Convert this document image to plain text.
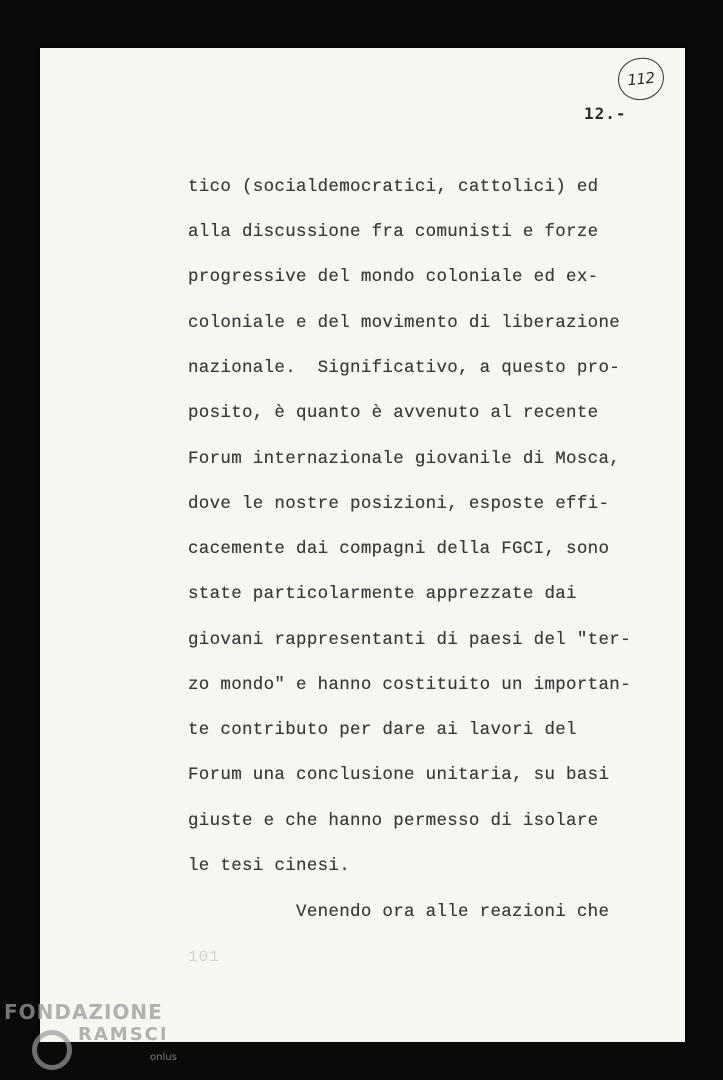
112
12.-

tico (socialdemocratici, cattolici) ed

alla discussione fra comunisti e forze

progressive del mondo coloniale ed ex-

coloniale e del movimento di liberazione

nazionale.  Significativo, a questo pro-

posito, è quanto è avvenuto al recente

Forum internazionale giovanile di Mosca,

dove le nostre posizioni, esposte effi-

cacemente dai compagni della FGCI, sono

state particolarmente apprezzate dai

giovani rappresentanti di paesi del "ter-

zo mondo" e hanno costituito un importan-

te contributo per dare ai lavori del

Forum una conclusione unitaria, su basi

giuste e che hanno permesso di isolare

le tesi cinesi.

Venendo ora alle reazioni che

101
FONDAZIONE
RAMSCI
onlus
